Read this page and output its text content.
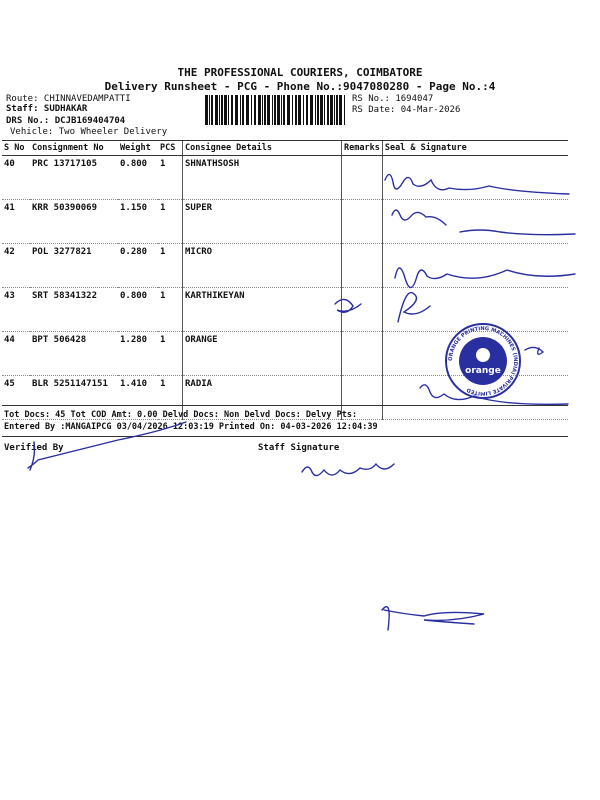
THE PROFESSIONAL COURIERS, COIMBATORE
Delivery Runsheet - PCG - Phone No.:9047080280 - Page No.:4
Route: CHINNAVEDAMPATTI
Staff: SUDHAKAR
DRS No.: DCJB169404704
Vehicle: Two Wheeler Delivery
RS No.: 1694047
RS Date: 04-Mar-2026
S No	Consignment No	Weight	PCS	Consignee Details	Remarks	Seal & Signature
40	PRC 13717105	0.800	1	SHNATHSOSH		
41	KRR 50390069	1.150	1	SUPER		
42	POL 3277821	0.280	1	MICRO		
43	SRT 58341322	0.800	1	KARTHIKEYAN		
44	BPT 506428	1.280	1	ORANGE		
45	BLR 5251147151	1.410	1	RADIA		
Tot Docs: 45 Tot COD Amt: 0.00 Delvd Docs: Non Delvd Docs: Delvy Pts:
Entered By :MANGAIPCG 03/04/2026 12:03:19 Printed On: 04-03-2026 12:04:39
Verified By	Staff Signature
orange
ORANGE PRINTING MACHINES (INDIA) PRIVATE LIMITED
